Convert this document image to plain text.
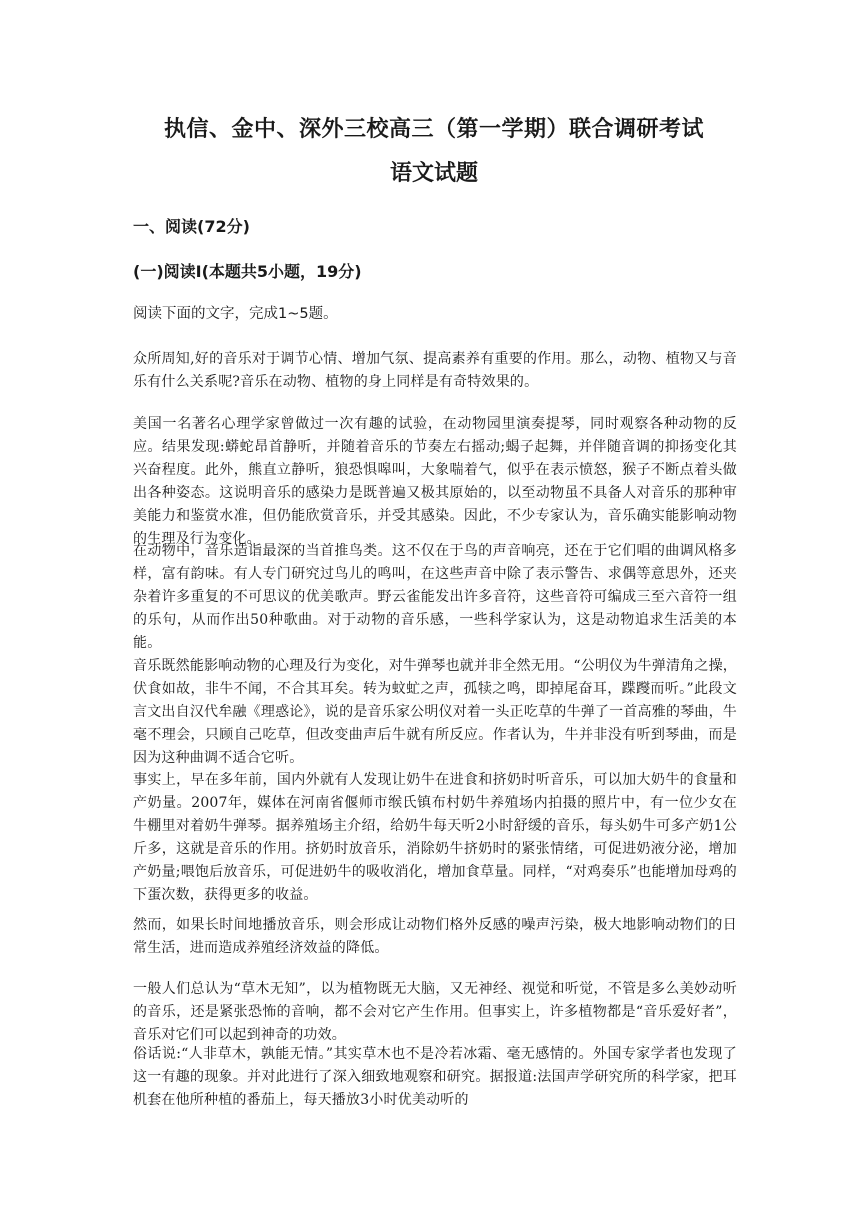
执信、金中、深外三校高三（第一学期）联合调研考试
语文试题
一、阅读(72分)
(一)阅读Ⅰ(本题共5小题，19分)
阅读下面的文字，完成1~5题。

众所周知,好的音乐对于调节心情、增加气氛、提高素养有重要的作用。那么，动物、植物又与音乐有什么关系呢?音乐在动物、植物的身上同样是有奇特效果的。

美国一名著名心理学家曾做过一次有趣的试验，在动物园里演奏提琴，同时观察各种动物的反应。结果发现:蟒蛇昂首静听，并随着音乐的节奏左右摇动;蝎子起舞，并伴随音调的抑扬变化其兴奋程度。此外，熊直立静听，狼恐惧嗥叫，大象喘着气，似乎在表示愤怒，猴子不断点着头做出各种姿态。这说明音乐的感染力是既普遍又极其原始的，以至动物虽不具备人对音乐的那种审美能力和鉴赏水准，但仍能欣赏音乐，并受其感染。因此，不少专家认为，音乐确实能影响动物的生理及行为变化。

在动物中，音乐造诣最深的当首推鸟类。这不仅在于鸟的声音响亮，还在于它们唱的曲调风格多样，富有韵味。有人专门研究过鸟儿的鸣叫，在这些声音中除了表示警告、求偶等意思外，还夹杂着许多重复的不可思议的优美歌声。野云雀能发出许多音符，这些音符可编成三至六音符一组的乐句，从而作出50种歌曲。对于动物的音乐感，一些科学家认为，这是动物追求生活美的本能。

音乐既然能影响动物的心理及行为变化，对牛弹琴也就并非全然无用。“公明仪为牛弹清角之操，伏食如故，非牛不闻，不合其耳矣。转为蚊虻之声，孤犊之鸣，即掉尾奋耳，蹀躞而听。”此段文言文出自汉代牟融《理惑论》，说的是音乐家公明仪对着一头正吃草的牛弹了一首高雅的琴曲，牛毫不理会，只顾自己吃草，但改变曲声后牛就有所反应。作者认为，牛并非没有听到琴曲，而是因为这种曲调不适合它听。

事实上，早在多年前，国内外就有人发现让奶牛在进食和挤奶时听音乐，可以加大奶牛的食量和产奶量。2007年，媒体在河南省偃师市缑氏镇布村奶牛养殖场内拍摄的照片中，有一位少女在牛棚里对着奶牛弹琴。据养殖场主介绍，给奶牛每天听2小时舒缓的音乐，每头奶牛可多产奶1公斤多，这就是音乐的作用。挤奶时放音乐，消除奶牛挤奶时的紧张情绪，可促进奶液分泌，增加产奶量;喂饱后放音乐，可促进奶牛的吸收消化，增加食草量。同样，“对鸡奏乐”也能增加母鸡的下蛋次数，获得更多的收益。

然而，如果长时间地播放音乐，则会形成让动物们格外反感的噪声污染，极大地影响动物们的日常生活，进而造成养殖经济效益的降低。

一般人们总认为“草木无知”，以为植物既无大脑，又无神经、视觉和听觉，不管是多么美妙动听的音乐，还是紧张恐怖的音响，都不会对它产生作用。但事实上，许多植物都是“音乐爱好者”，音乐对它们可以起到神奇的功效。

俗话说:“人非草木，孰能无情。”其实草木也不是冷若冰霜、毫无感情的。外国专家学者也发现了这一有趣的现象。并对此进行了深入细致地观察和研究。据报道:法国声学研究所的科学家，把耳机套在他所种植的番茄上，每天播放3小时优美动听的
